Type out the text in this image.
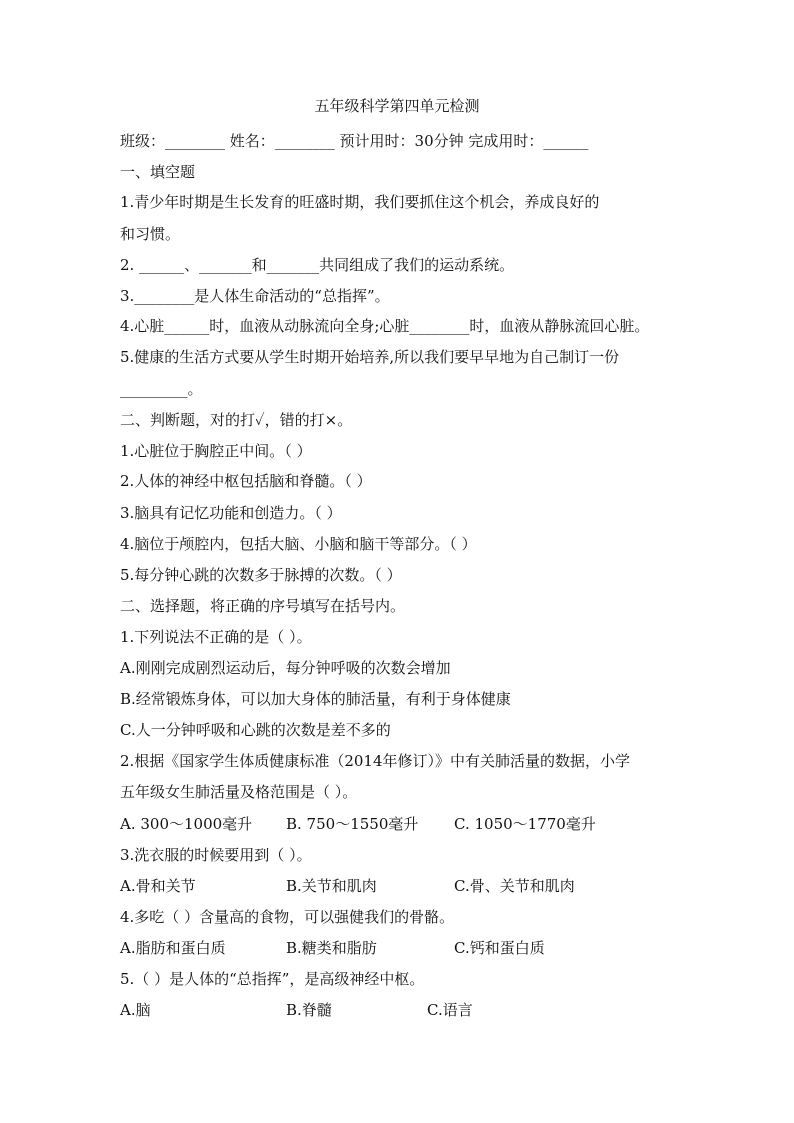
五年级科学第四单元检测
班级：________ 姓名：________ 预计用时：30分钟 完成用时：______
一、填空题
1.青少年时期是生长发育的旺盛时期，我们要抓住这个机会，养成良好的
和习惯。
2. ______、_______和_______共同组成了我们的运动系统。
3.________是人体生命活动的“总指挥”。
4.心脏______时，血液从动脉流向全身;心脏________时，血液从静脉流回心脏。
5.健康的生活方式要从学生时期开始培养,所以我们要早早地为自己制订一份
_________。
二、判断题，对的打✓，错的打×。
1.心脏位于胸腔正中间。（ ）
2.人体的神经中枢包括脑和脊髓。（ ）
3.脑具有记忆功能和创造力。（ ）
4.脑位于颅腔内，包括大脑、小脑和脑干等部分。（ ）
5.每分钟心跳的次数多于脉搏的次数。（ ）
二、选择题，将正确的序号填写在括号内。
1.下列说法不正确的是（ ）。
A.刚刚完成剧烈运动后，每分钟呼吸的次数会增加
B.经常锻炼身体，可以加大身体的肺活量，有利于身体健康
C.人一分钟呼吸和心跳的次数是差不多的
2.根据《国家学生体质健康标准（2014年修订）》中有关肺活量的数据，小学
五年级女生肺活量及格范围是（ ）。
A. 300～1000毫升 B. 750～1550毫升 C. 1050～1770毫升
3.洗衣服的时候要用到（ ）。
A.骨和关节	B.关节和肌肉	C.骨、关节和肌肉
4.多吃（ ）含量高的食物，可以强健我们的骨骼。
A.脂肪和蛋白质	B.糖类和脂肪	C.钙和蛋白质
5.（ ）是人体的“总指挥”，是高级神经中枢。
A.脑	B.脊髓	C.语言
